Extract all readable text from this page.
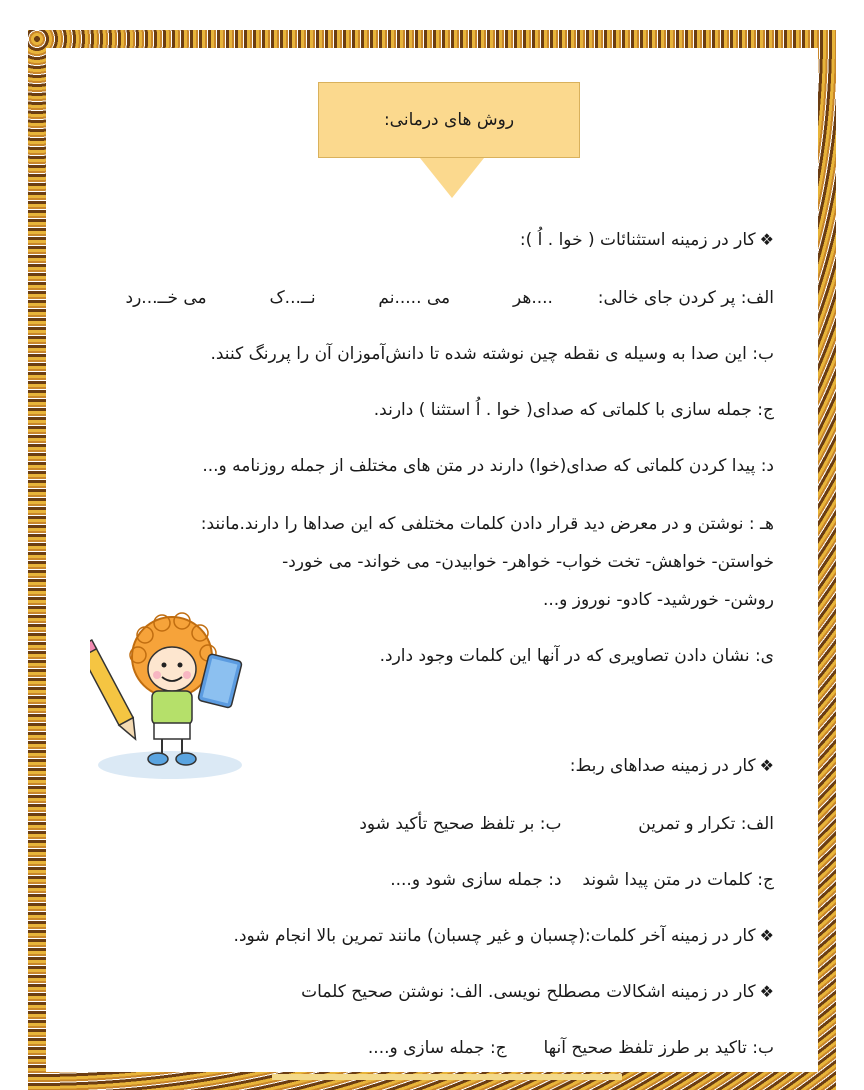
روش های درمانی:
❖کار در زمینه استثنائات ( خوا . اُ ):
الف: پر کردن جای خالی:  ....هر  می .....نم  نــ...ک  می خــ...رد
ب: این صدا به وسیله ی نقطه چین نوشته شده تا دانش‌آموزان آن را پررنگ کنند.
ج: جمله سازی با کلماتی که صدای( خوا . اُ استثنا ) دارند.
د: پیدا کردن کلماتی که صدای(خوا) دارند در متن های مختلف از جمله روزنامه و...
هـ : نوشتن و در معرض دید قرار دادن کلمات مختلفی که این صداها را دارند.مانند:
خواستن- خواهش- تخت خواب- خواهر- خوابیدن- می خواند- می خورد-
روشن- خورشید- کادو- نوروز و...
ی: نشان دادن تصاویری که در آنها این کلمات وجود دارد.
❖کار در زمینه صداهای ربط:
الف: تکرار و تمرین  ب: بر تلفظ صحیح تأکید شود
ج: کلمات در متن پیدا شوند  د: جمله سازی شود و....
❖کار در زمینه آخر کلمات:(چسبان و غیر چسبان) مانند تمرین بالا انجام شود.
❖کار در زمینه اشکالات مصطلح نویسی. الف: نوشتن صحیح کلمات
ب: تاکید بر طرز تلفظ صحیح آنها  ج: جمله سازی و....
